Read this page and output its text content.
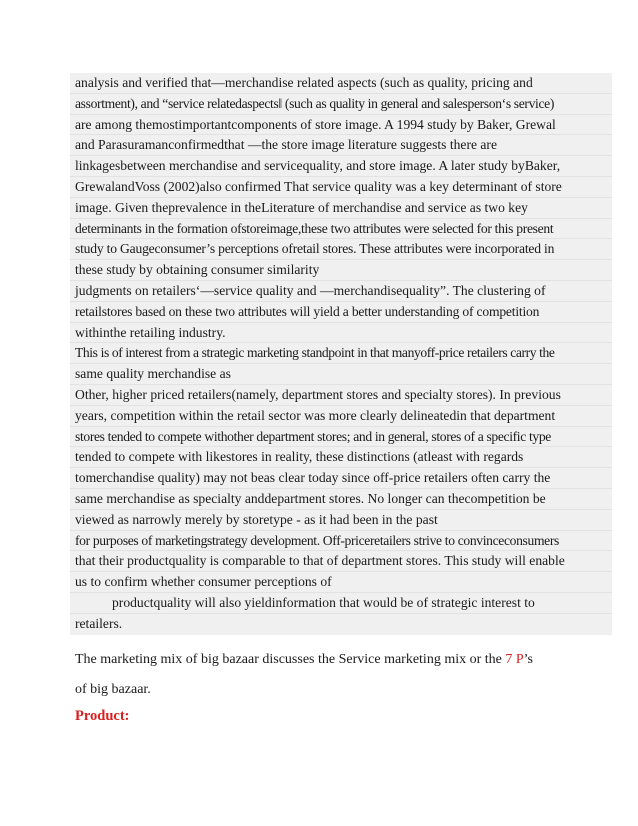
analysis and verified that—merchandise related aspects (such as quality, pricing and
assortment), and “service relatedaspects‖ (such as quality in general and salesperson‘s service)
are among themostimportantcomponents of store image. A 1994 study by Baker, Grewal
and Parasuramanconfirmedthat —the store image literature suggests there are
linkagesbetween merchandise and servicequality, and store image. A later study byBaker,
GrewalandVoss (2002)also confirmed That service quality was a key determinant of store
image. Given theprevalence in theLiterature of merchandise and service as two key
determinants in the formation ofstoreimage,these two attributes were selected for this present
study to Gaugeconsumer’s perceptions ofretail stores. These attributes were incorporated in
these study by obtaining consumer similarity
judgments on retailers‘—service quality and —merchandisequality”. The clustering of
retailstores based on these two attributes will yield a better understanding of competition
withinthe retailing industry.
This is of interest from a strategic marketing standpoint in that manyoff-price retailers carry the
same quality merchandise as
Other, higher priced retailers(namely, department stores and specialty stores). In previous
years, competition within the retail sector was more clearly delineatedin that department
stores tended to compete withother department stores; and in general, stores of a specific type
tended to compete with likestores in reality, these distinctions (atleast with regards
tomerchandise quality) may not beas clear today since off-price retailers often carry the
same merchandise as specialty anddepartment stores. No longer can thecompetition be
viewed as narrowly merely by storetype - as it had been in the past
for purposes of marketingstrategy development. Off-priceretailers strive to convinceconsumers
that their productquality is comparable to that of department stores. This study will enable
us to confirm whether consumer perceptions of
productquality will also yieldinformation that would be of strategic interest to
retailers.
The marketing mix of big bazaar discusses the Service marketing mix or the 7 P’s
of big bazaar.
Product:
